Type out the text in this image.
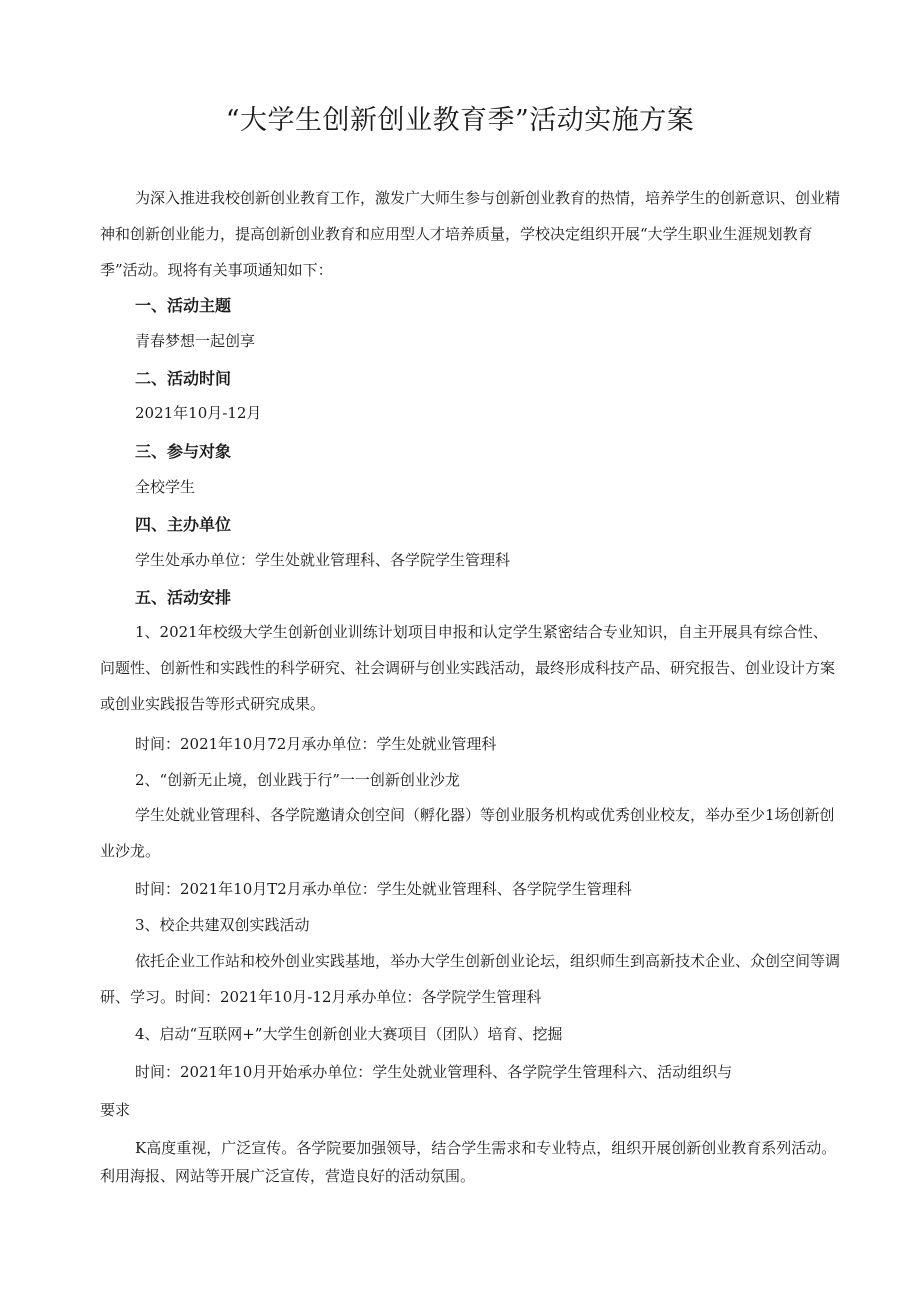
“大学生创新创业教育季”活动实施方案

为深入推进我校创新创业教育工作，激发广大师生参与创新创业教育的热情，培养学生的创新意识、创业精神和创新创业能力，提高创新创业教育和应用型人才培养质量，学校决定组织开展“大学生职业生涯规划教育季”活动。现将有关事项通知如下：

一、活动主题

青春梦想一起创享

二、活动时间

2021年10月-12月

三、参与对象

全校学生

四、主办单位

学生处承办单位：学生处就业管理科、各学院学生管理科

五、活动安排

1、2021年校级大学生创新创业训练计划项目申报和认定学生紧密结合专业知识，自主开展具有综合性、问题性、创新性和实践性的科学研究、社会调研与创业实践活动，最终形成科技产品、研究报告、创业设计方案或创业实践报告等形式研究成果。

时间：2021年10月72月承办单位：学生处就业管理科

2、“创新无止境，创业践于行”一一创新创业沙龙

学生处就业管理科、各学院邀请众创空间（孵化器）等创业服务机构或优秀创业校友，举办至少1场创新创业沙龙。

时间：2021年10月T2月承办单位：学生处就业管理科、各学院学生管理科

3、校企共建双创实践活动

依托企业工作站和校外创业实践基地，举办大学生创新创业论坛，组织师生到高新技术企业、众创空间等调研、学习。时间：2021年10月-12月承办单位：各学院学生管理科

4、启动“互联网+”大学生创新创业大赛项目（团队）培育、挖掘

时间：2021年10月开始承办单位：学生处就业管理科、各学院学生管理科六、活动组织与

要求

K高度重视，广泛宣传。各学院要加强领导，结合学生需求和专业特点，组织开展创新创业教育系列活动。利用海报、网站等开展广泛宣传，营造良好的活动氛围。
